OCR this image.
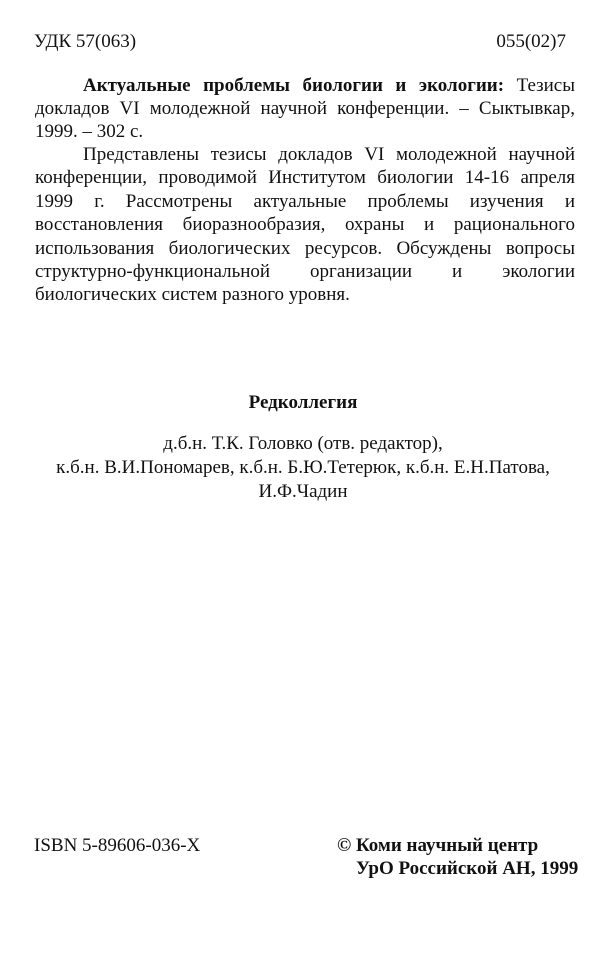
УДК 57(063)	055(02)7
Актуальные проблемы биологии и экологии: Тезисы докладов VI молодежной научной конференции. – Сыктывкар, 1999. – 302 с.
Представлены тезисы докладов VI молодежной научной конференции, проводимой Институтом биологии 14-16 апреля 1999 г. Рассмотрены актуальные проблемы изучения и восстановления биоразнообразия, охраны и рационального использования биологических ресурсов. Обсуждены вопросы структурно-функциональной организации и экологии биологических систем разного уровня.
Редколлегия
д.б.н. Т.К. Головко (отв. редактор),
к.б.н. В.И.Пономарев, к.б.н. Б.Ю.Тетерюк, к.б.н. Е.Н.Патова,
И.Ф.Чадин
ISBN 5-89606-036-X	© Коми научный центр
УрО Российской АН, 1999
